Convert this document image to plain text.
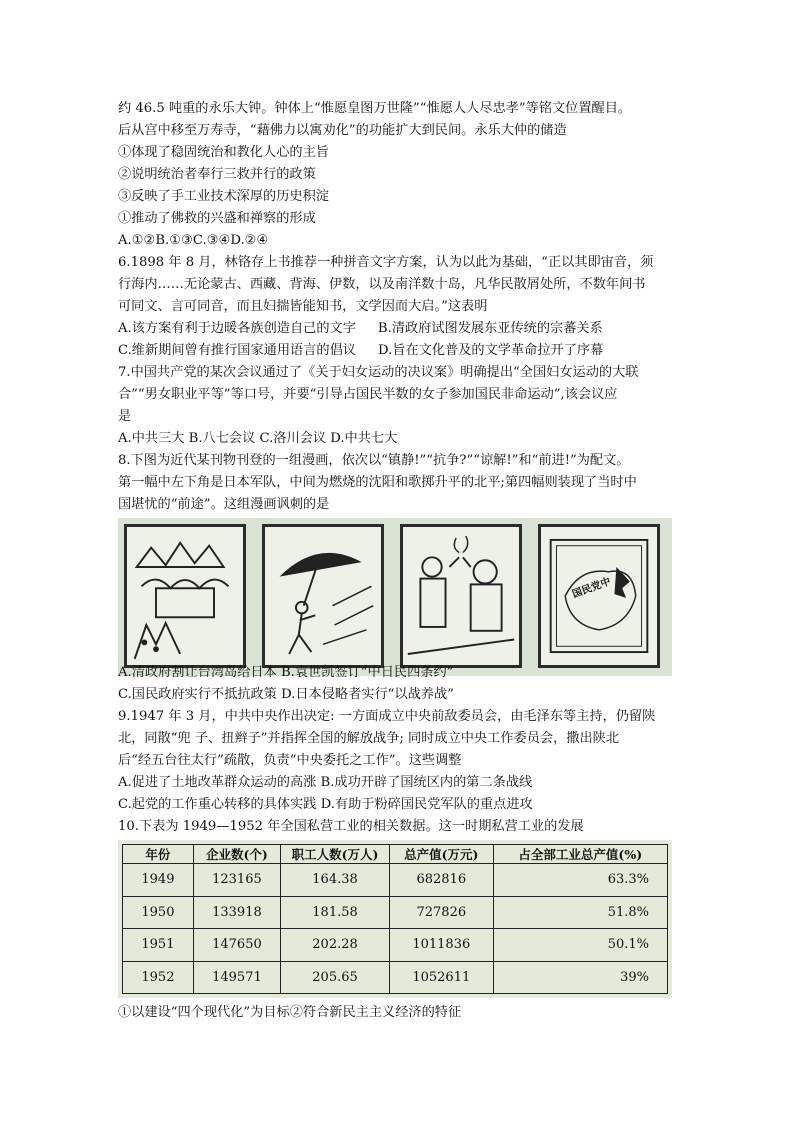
约 46.5 吨重的永乐大钟。钟体上“惟愿皇图万世隆”“惟愿人人尽忠孝”等铭文位置醒目。
后从宫中移至万寿寺，“藉佛力以寓劝化”的功能扩大到民间。永乐大仲的储造
①体现了稳固统治和教化人心的主旨
②说明统治者奉行三救并行的政策
③反映了手工业技术深厚的历史积淀
①推动了佛救的兴盛和禅察的形成
A.①②B.①③C.③④D.②④
6.1898 年 8 月，林铬存上书推荐一种拼音文字方案，认为以此为基础，“正以其即宙音，须
行海内……无论蒙古、西藏、背海、伊数，以及南洋数十岛，凡华民散屑处所，不数年间书
可同文、言可同音，而且妇揣皆能知书，文学因而大启。”这表明
A.该方案有利于边暖各族创造自己的文字 B.清政府试图发展东亚传统的宗蕃关系
C.维新期间曾有推行国家通用语言的倡议 D.旨在文化普及的文学革命拉开了序幕
7.中国共产党的某次会议通过了《关于妇女运动的决议案》明确提出“全国妇女运动的大联
合”“男女职业平等”等口号，并要“引导占国民半数的女子参加国民非命运动”,该会议应
是
A.中共三大 B.八七会议 C.洛川会议 D.中共七大
8.下图为近代某刊物刊登的一组漫画，依次以“镇静!”“抗争?”“谅解!”和“前进!”为配文。
第一幅中左下角是日本军队，中间为燃烧的沈阳和歌掷升平的北平;第四幅则装现了当时中
国民党中
A.清政府割让台湾岛给日本 B.袁世凯签订“中日民四条约”
C.国民政府实行不抵抗政策 D.日本侵略者实行“以战养战”
9.1947 年 3 月，中共中央作出决定: 一方面成立中央前敌委员会，由毛泽东等主持，仍留陕
北，同散“兜 子、扭辫子”并指挥全国的解放战争; 同时成立中央工作委员会，撒出陕北
后“经五台往太行”疏散，负责“中央委托之工作”。这些调整
A.促进了土地改革群众运动的高涨 B.成功开辟了国统区内的第二条战线
C.起党的工作重心转移的具体实践 D.有助于粉碎国民党军队的重点进攻
10.下表为 1949—1952 年全国私营工业的相关数据。这一时期私营工业的发展
年份	企业数(个)	职工人数(万人)	总产值(万元)	占全部工业总产值(%)
1949	123165	164.38	682816	63.3%
1950	133918	181.58	727826	51.8%
1951	147650	202.28	1011836	50.1%
1952	149571	205.65	1052611	39%
①以建设“四个现代化”为目标②符合新民主主义经济的特征
国堪忧的“前途”。这组漫画讽刺的是
